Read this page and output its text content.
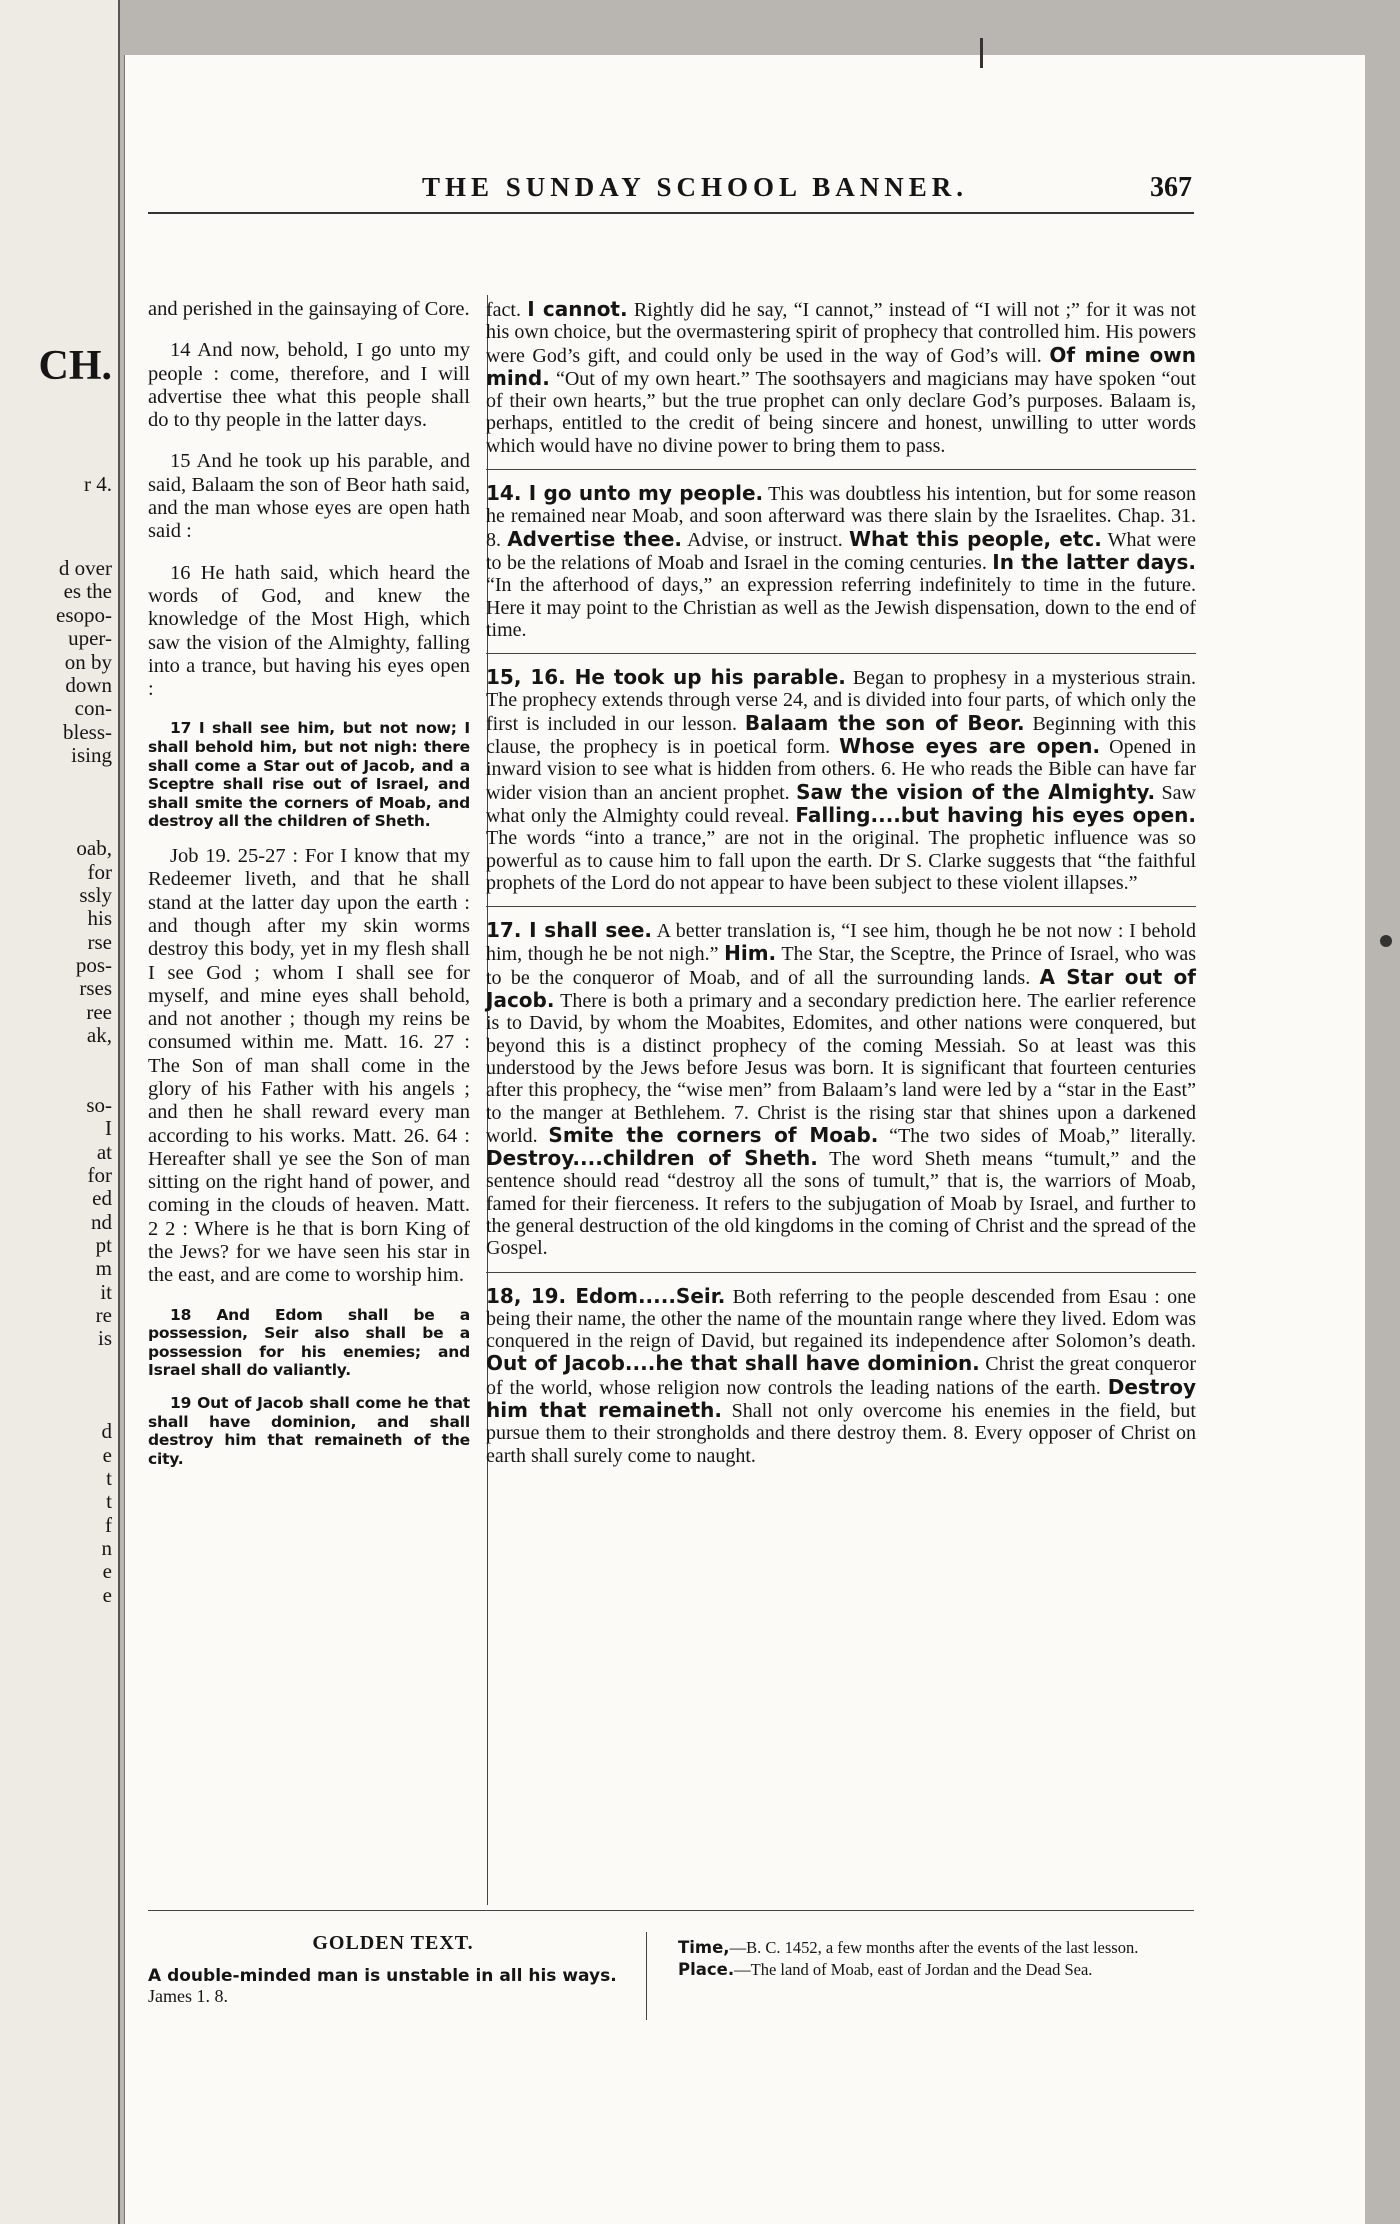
CH.
r 4.
d over
es the
esopo-
uper-
on by
down
con-
bless-
ising
oab,
for
ssly
his
rse
pos-
rses
ree
ak,
so-
I
at
for
ed
nd
pt
m
it
re
is
d
e
t
t
f
n
e
e
THE SUNDAY SCHOOL BANNER.	367

and perished in the gainsaying of Core.

14 And now, behold, I go unto my people : come, therefore, and I will advertise thee what this people shall do to thy people in the latter days.

15 And he took up his parable, and said, Balaam the son of Beor hath said, and the man whose eyes are open hath said :

16 He hath said, which heard the words of God, and knew the knowledge of the Most High, which saw the vision of the Almighty, falling into a trance, but having his eyes open :

17 I shall see him, but not now; I shall behold him, but not nigh: there shall come a Star out of Jacob, and a Sceptre shall rise out of Israel, and shall smite the corners of Moab, and destroy all the children of Sheth.

Job 19. 25-27 : For I know that my Redeemer liveth, and that he shall stand at the latter day upon the earth : and though after my skin worms destroy this body, yet in my flesh shall I see God ; whom I shall see for myself, and mine eyes shall behold, and not another ; though my reins be consumed within me. Matt. 16. 27 : The Son of man shall come in the glory of his Father with his angels ; and then he shall reward every man according to his works. Matt. 26. 64 : Hereafter shall ye see the Son of man sitting on the right hand of power, and coming in the clouds of heaven. Matt. 2 2 : Where is he that is born King of the Jews? for we have seen his star in the east, and are come to worship him.

18 And Edom shall be a possession, Seir also shall be a possession for his enemies; and Israel shall do valiantly.

19 Out of Jacob shall come he that shall have dominion, and shall destroy him that remaineth of the city.

fact. I cannot. Rightly did he say, “I cannot,” instead of “I will not ;” for it was not his own choice, but the overmastering spirit of prophecy that controlled him. His powers were God’s gift, and could only be used in the way of God’s will. Of mine own mind. “Out of my own heart.” The soothsayers and magicians may have spoken “out of their own hearts,” but the true prophet can only declare God’s purposes. Balaam is, perhaps, entitled to the credit of being sincere and honest, unwilling to utter words which would have no divine power to bring them to pass.

14. I go unto my people. This was doubtless his intention, but for some reason he remained near Moab, and soon afterward was there slain by the Israelites. Chap. 31. 8. Advertise thee. Advise, or instruct. What this people, etc. What were to be the relations of Moab and Israel in the coming centuries. In the latter days. “In the afterhood of days,” an expression referring indefinitely to time in the future. Here it may point to the Christian as well as the Jewish dispensation, down to the end of time.

15, 16. He took up his parable. Began to prophesy in a mysterious strain. The prophecy extends through verse 24, and is divided into four parts, of which only the first is included in our lesson. Balaam the son of Beor. Beginning with this clause, the prophecy is in poetical form. Whose eyes are open. Opened in inward vision to see what is hidden from others. 6. He who reads the Bible can have far wider vision than an ancient prophet. Saw the vision of the Almighty. Saw what only the Almighty could reveal. Falling....but having his eyes open. The words “into a trance,” are not in the original. The prophetic influence was so powerful as to cause him to fall upon the earth. Dr S. Clarke suggests that “the faithful prophets of the Lord do not appear to have been subject to these violent illapses.”

17. I shall see. A better translation is, “I see him, though he be not now : I behold him, though he be not nigh.” Him. The Star, the Sceptre, the Prince of Israel, who was to be the conqueror of Moab, and of all the surrounding lands. A Star out of Jacob. There is both a primary and a secondary prediction here. The earlier reference is to David, by whom the Moabites, Edomites, and other nations were conquered, but beyond this is a distinct prophecy of the coming Messiah. So at least was this understood by the Jews before Jesus was born. It is significant that fourteen centuries after this prophecy, the “wise men” from Balaam’s land were led by a “star in the East” to the manger at Bethlehem. 7. Christ is the rising star that shines upon a darkened world. Smite the corners of Moab. “The two sides of Moab,” literally. Destroy....children of Sheth. The word Sheth means “tumult,” and the sentence should read “destroy all the sons of tumult,” that is, the warriors of Moab, famed for their fierceness. It refers to the subjugation of Moab by Israel, and further to the general destruction of the old kingdoms in the coming of Christ and the spread of the Gospel.

18, 19. Edom.....Seir. Both referring to the people descended from Esau : one being their name, the other the name of the mountain range where they lived. Edom was conquered in the reign of David, but regained its independence after Solomon’s death. Out of Jacob....he that shall have dominion. Christ the great conqueror of the world, whose religion now controls the leading nations of the earth. Destroy him that remaineth. Shall not only overcome his enemies in the field, but pursue them to their strongholds and there destroy them. 8. Every opposer of Christ on earth shall surely come to naught.

GOLDEN TEXT.
A double-minded man is unstable in all his ways. James 1. 8.

Time,—B. C. 1452, a few months after the events of the last lesson.

Place.—The land of Moab, east of Jordan and the Dead Sea.
